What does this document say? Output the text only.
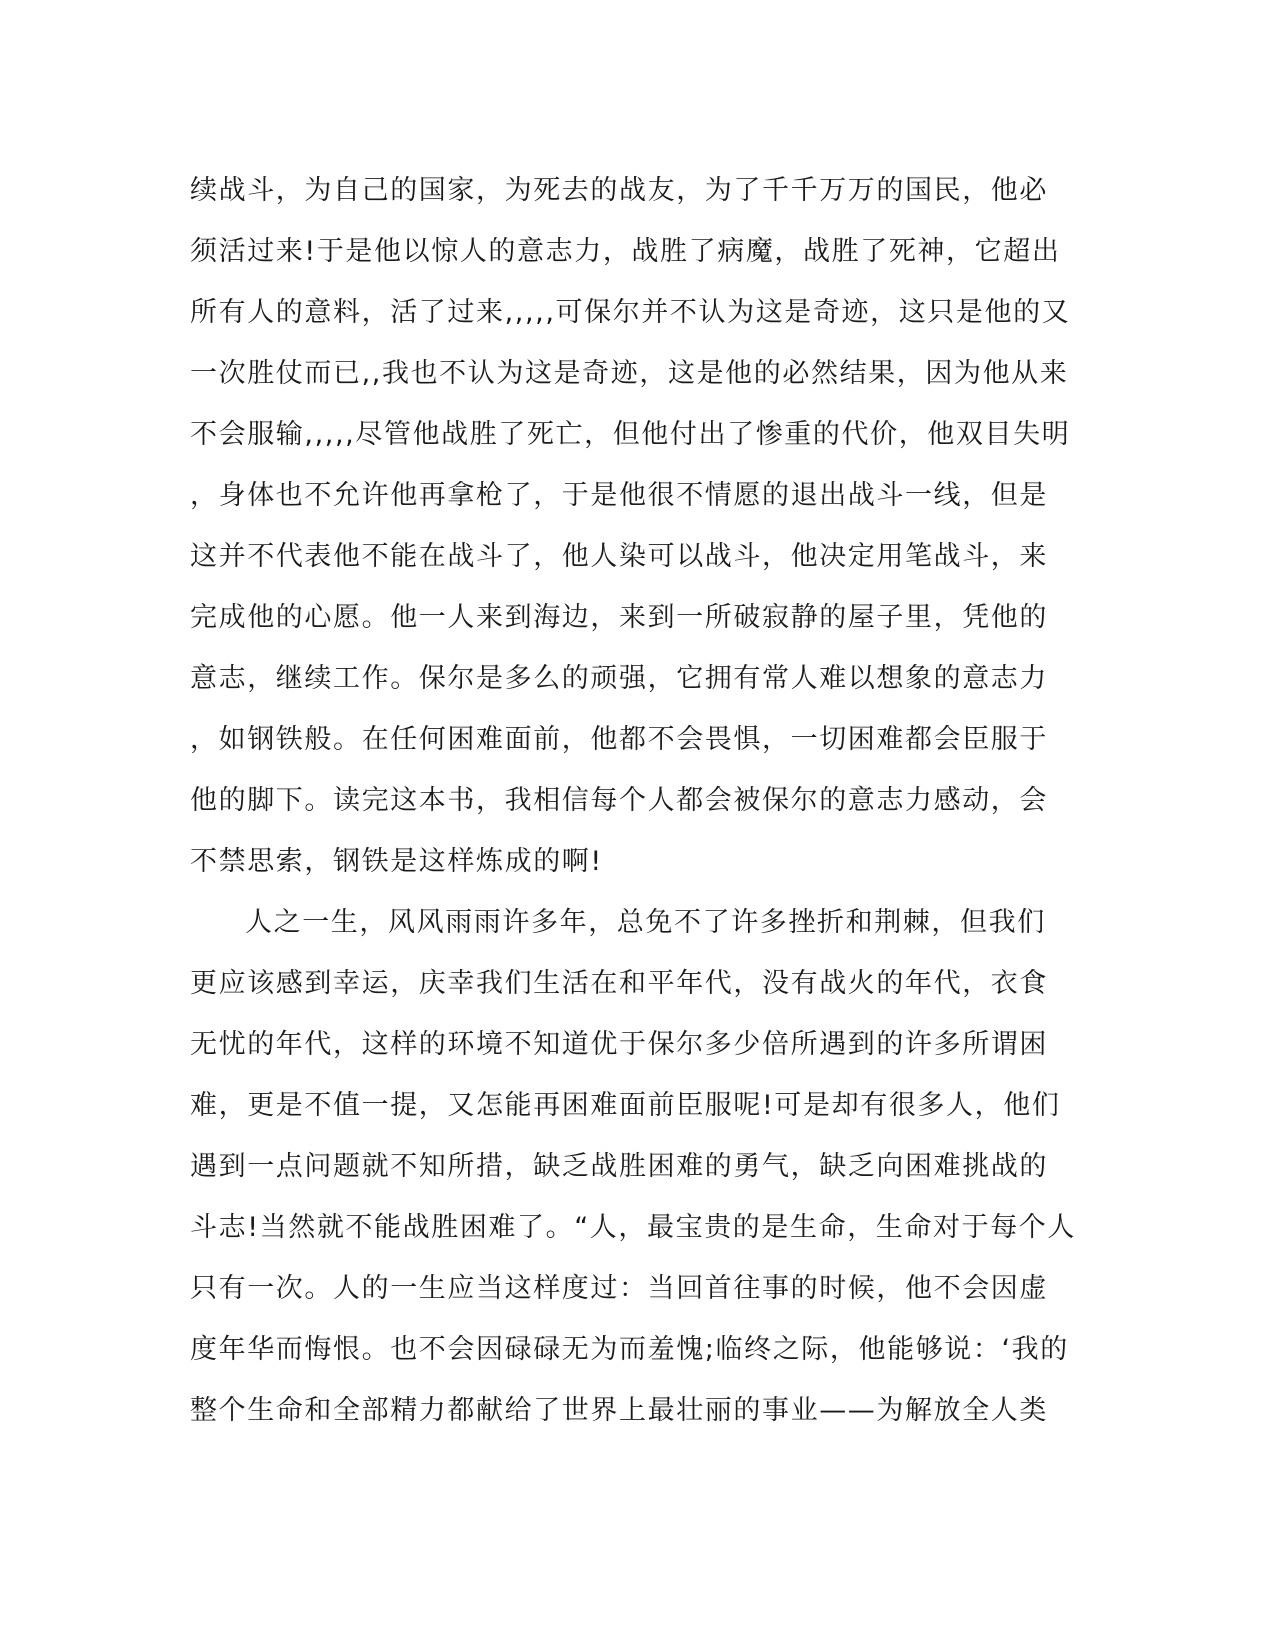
续战斗，为自己的国家，为死去的战友，为了千千万万的国民，他必
须活过来!于是他以惊人的意志力，战胜了病魔，战胜了死神，它超出
所有人的意料，活了过来,,,,,可保尔并不认为这是奇迹，这只是他的又
一次胜仗而已,,我也不认为这是奇迹，这是他的必然结果，因为他从来
不会服输,,,,,尽管他战胜了死亡，但他付出了惨重的代价，他双目失明
，身体也不允许他再拿枪了，于是他很不情愿的退出战斗一线，但是
这并不代表他不能在战斗了，他人染可以战斗，他决定用笔战斗，来
完成他的心愿。他一人来到海边，来到一所破寂静的屋子里，凭他的
意志，继续工作。保尔是多么的顽强，它拥有常人难以想象的意志力
，如钢铁般。在任何困难面前，他都不会畏惧，一切困难都会臣服于
他的脚下。读完这本书，我相信每个人都会被保尔的意志力感动，会
不禁思索，钢铁是这样炼成的啊!
人之一生，风风雨雨许多年，总免不了许多挫折和荆棘，但我们
更应该感到幸运，庆幸我们生活在和平年代，没有战火的年代，衣食
无忧的年代，这样的环境不知道优于保尔多少倍所遇到的许多所谓困
难，更是不值一提，又怎能再困难面前臣服呢!可是却有很多人，他们
遇到一点问题就不知所措，缺乏战胜困难的勇气，缺乏向困难挑战的
斗志!当然就不能战胜困难了。“人，最宝贵的是生命，生命对于每个人
只有一次。人的一生应当这样度过：当回首往事的时候，他不会因虚
度年华而悔恨。也不会因碌碌无为而羞愧;临终之际，他能够说：‘我的
整个生命和全部精力都献给了世界上最壮丽的事业——为解放全人类
